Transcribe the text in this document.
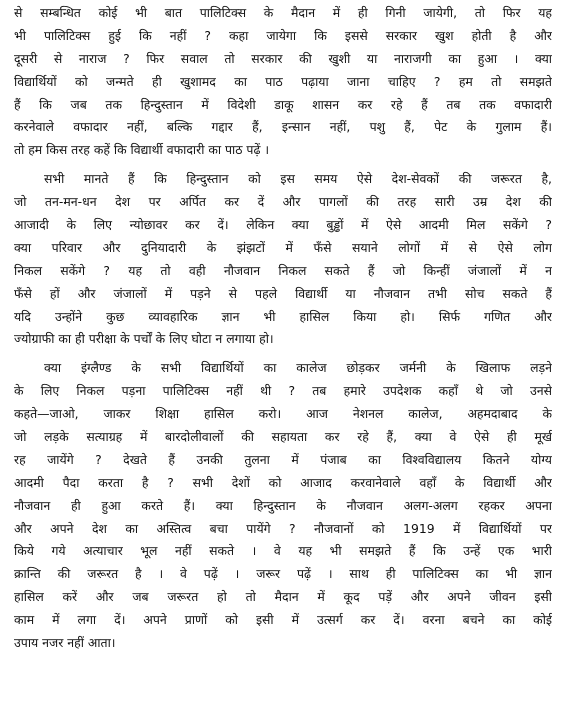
से सम्बन्धित कोई भी बात पालिटिक्स के मैदान में ही गिनी जायेगी, तो फिर यह
भी पालिटिक्स हुई कि नहीं ? कहा जायेगा कि इससे सरकार खुश होती है और
दूसरी से नाराज ? फिर सवाल तो सरकार की खुशी या नाराजगी का हुआ । क्या
विद्यार्थियों को जन्मते ही खुशामद का पाठ पढ़ाया जाना चाहिए ? हम तो समझते
हैं कि जब तक हिन्दुस्तान में विदेशी डाकू शासन कर रहे हैं तब तक वफादारी
करनेवाले वफादार नहीं, बल्कि गद्दार हैं, इन्सान नहीं, पशु हैं, पेट के गुलाम हैं।
तो हम किस तरह कहें कि विद्यार्थी वफादारी का पाठ पढ़ें ।
सभी मानते हैं कि हिन्दुस्तान को इस समय ऐसे देश-सेवकों की जरूरत है,
जो तन-मन-धन देश पर अर्पित कर दें और पागलों की तरह सारी उम्र देश की
आजादी के लिए न्योछावर कर दें। लेकिन क्या बुड्ढों में ऐसे आदमी मिल सकेंगे ?
क्या परिवार और दुनियादारी के झंझटों में फँसे सयाने लोगों में से ऐसे लोग
निकल सकेंगे ? यह तो वही नौजवान निकल सकते हैं जो किन्हीं जंजालों में न
फँसे हों और जंजालों में पड़ने से पहले विद्यार्थी या नौजवान तभी सोच सकते हैं
यदि उन्होंने कुछ व्यावहारिक ज्ञान भी हासिल किया हो। सिर्फ गणित और
ज्योग्राफी का ही परीक्षा के पर्चों के लिए घोटा न लगाया हो।
क्या इंग्लैण्ड के सभी विद्यार्थियों का कालेज छोड़कर जर्मनी के खिलाफ लड़ने
के लिए निकल पड़ना पालिटिक्स नहीं थी ? तब हमारे उपदेशक कहाँ थे जो उनसे
कहते—जाओ, जाकर शिक्षा हासिल करो। आज नेशनल कालेज, अहमदाबाद के
जो लड़के सत्याग्रह में बारदोलीवालों की सहायता कर रहे हैं, क्या वे ऐसे ही मूर्ख
रह जायेंगे ? देखते हैं उनकी तुलना में पंजाब का विश्वविद्यालय कितने योग्य
आदमी पैदा करता है ? सभी देशों को आजाद करवानेवाले वहाँ के विद्यार्थी और
नौजवान ही हुआ करते हैं। क्या हिन्दुस्तान के नौजवान अलग-अलग रहकर अपना
और अपने देश का अस्तित्व बचा पायेंगे ? नौजवानों को 1919 में विद्यार्थियों पर
किये गये अत्याचार भूल नहीं सकते । वे यह भी समझते हैं कि उन्हें एक भारी
क्रान्ति की जरूरत है । वे पढ़ें । जरूर पढ़ें । साथ ही पालिटिक्स का भी ज्ञान
हासिल करें और जब जरूरत हो तो मैदान में कूद पड़ें और अपने जीवन इसी
काम में लगा दें। अपने प्राणों को इसी में उत्सर्ग कर दें। वरना बचने का कोई
उपाय नजर नहीं आता।
